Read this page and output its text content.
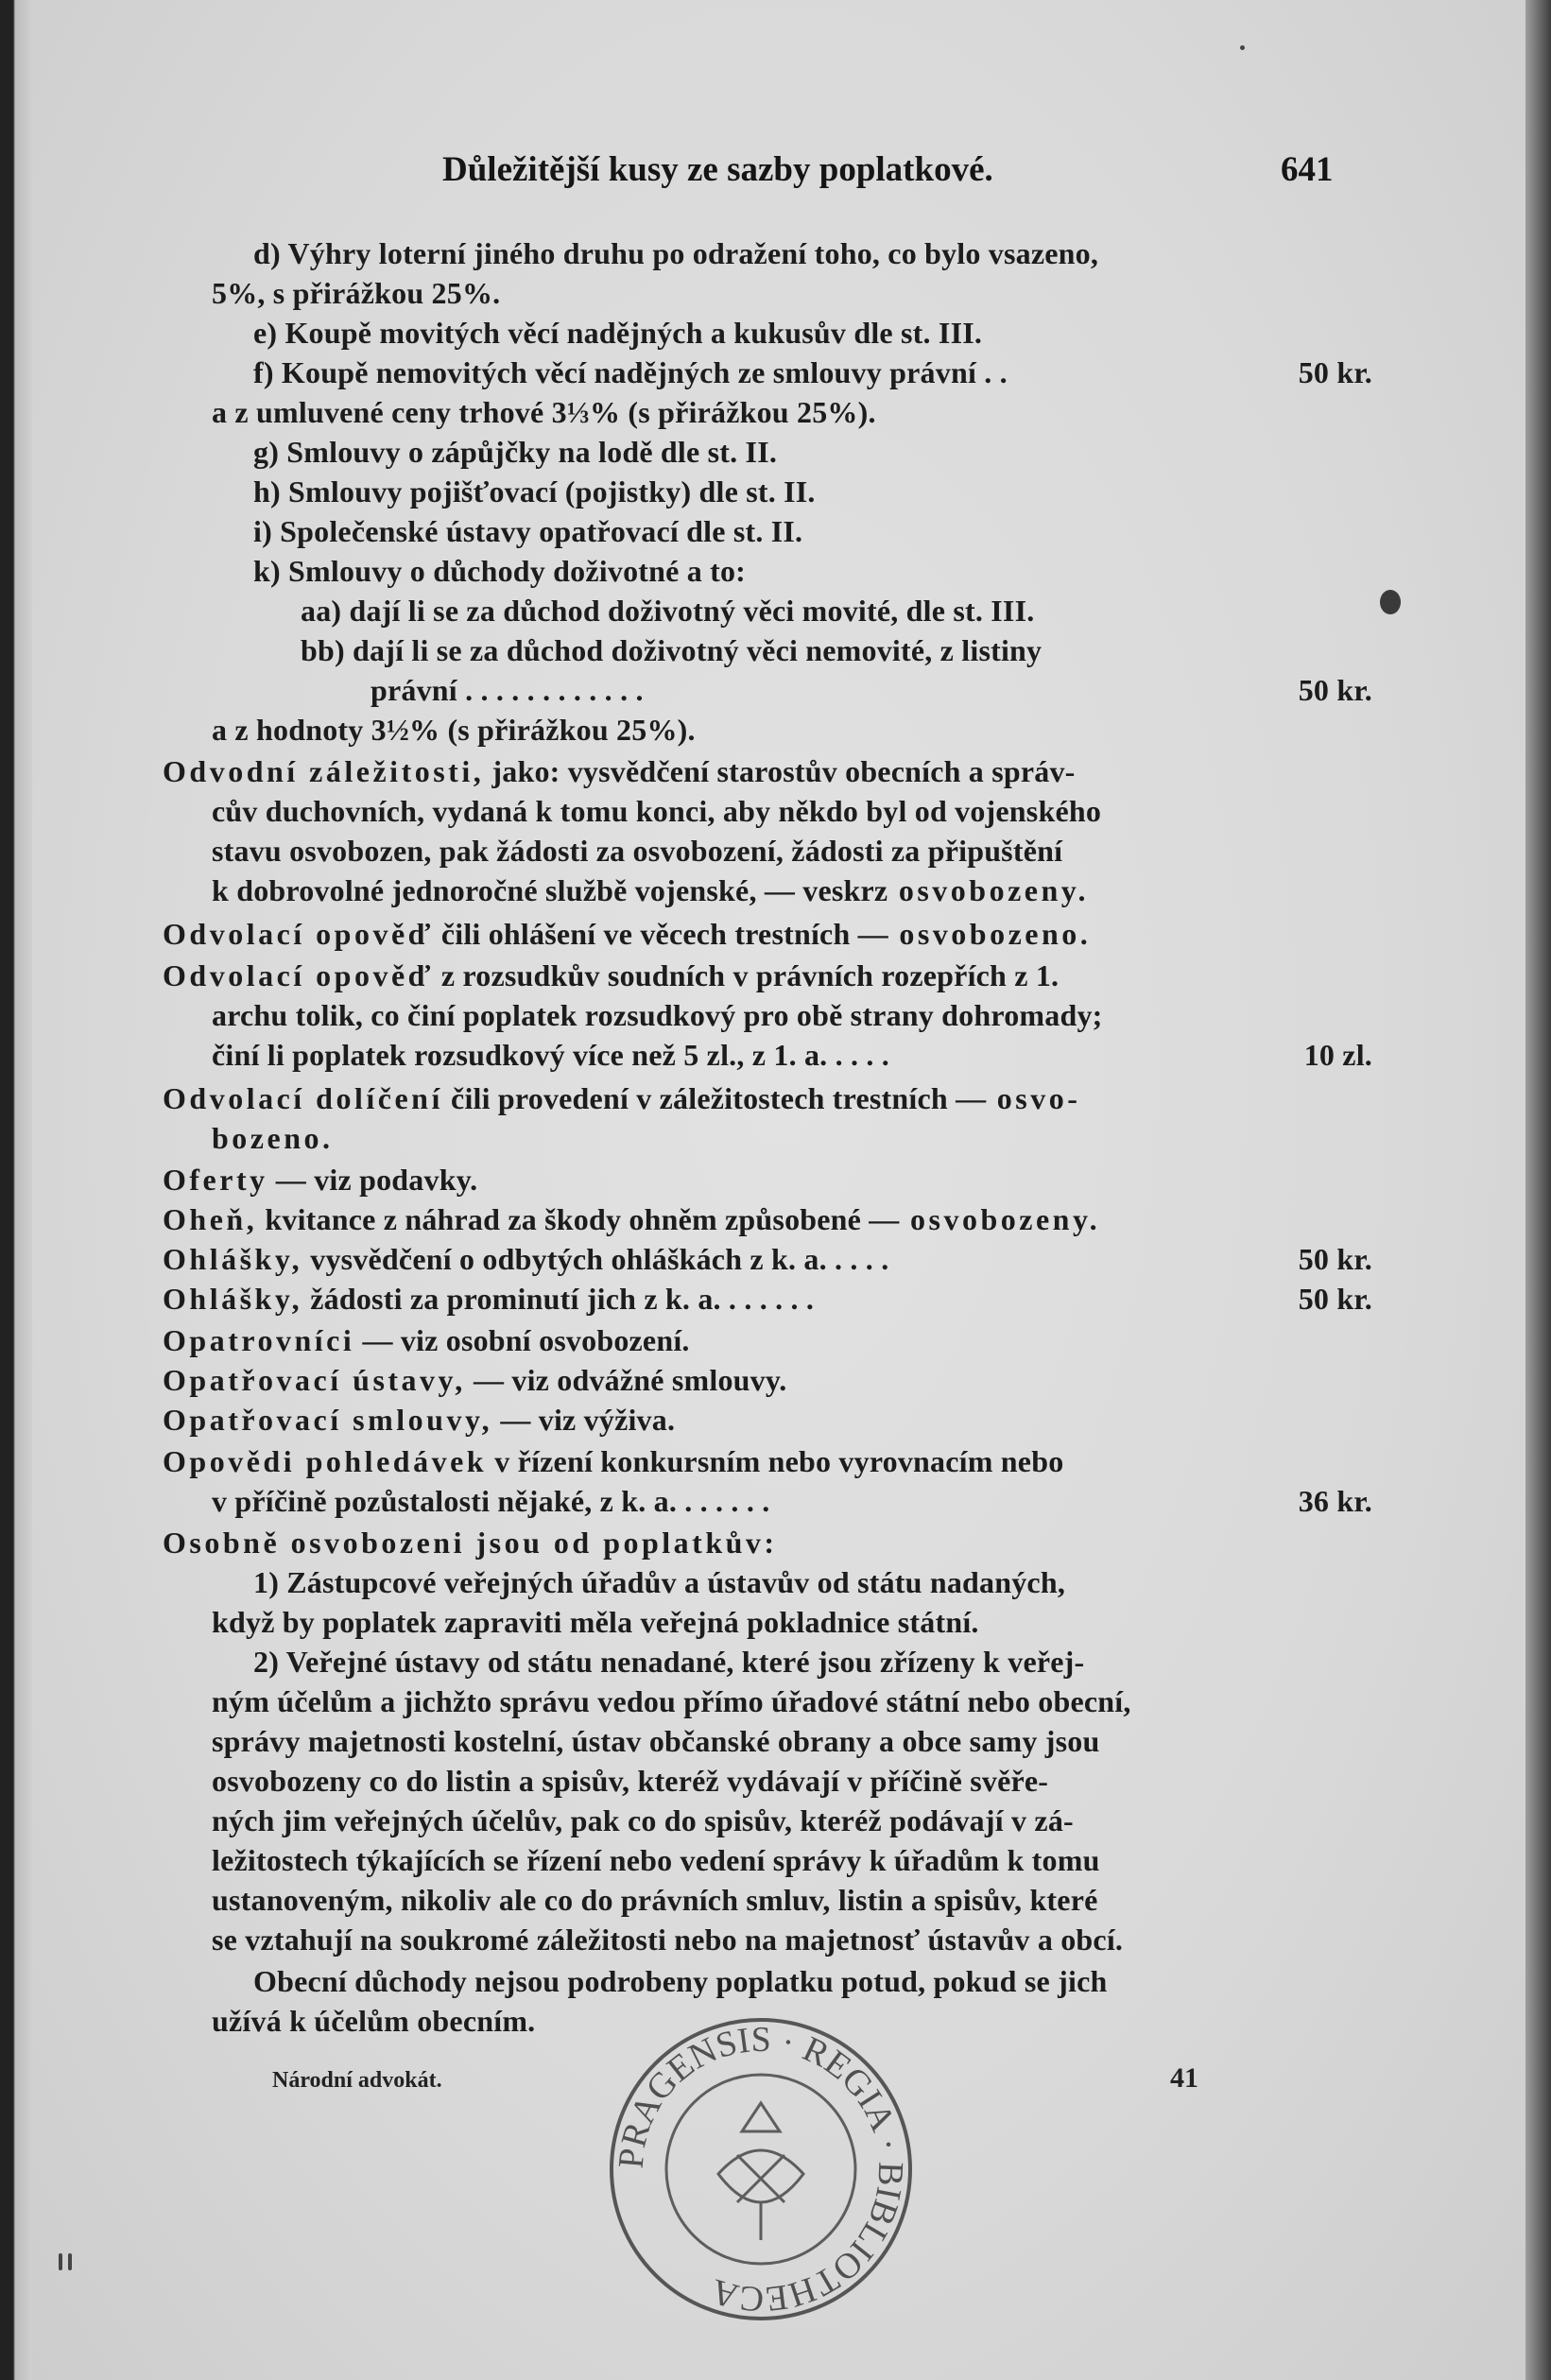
Důležitější kusy ze sazby poplatkové.	641
d) Výhry loterní jiného druhu po odražení toho, co bylo vsazeno,
5%, s přirážkou 25%.
e) Koupě movitých věcí nadějných a kukusův dle st. III.
f) Koupě nemovitých věcí nadějných ze smlouvy právní . .	50 kr.
a z umluvené ceny trhové 3⅓% (s přirážkou 25%).
g) Smlouvy o zápůjčky na lodě dle st. II.
h) Smlouvy pojišťovací (pojistky) dle st. II.
i) Společenské ústavy opatřovací dle st. II.
k) Smlouvy o důchody doživotné a to:
aa) dají li se za důchod doživotný věci movité, dle st. III.
bb) dají li se za důchod doživotný věci nemovité, z listiny
právní . . . . . . . . . . . .	50 kr.
a z hodnoty 3½% (s přirážkou 25%).
Odvodní záležitosti, jako: vysvědčení starostův obecních a správ-
cův duchovních, vydaná k tomu konci, aby někdo byl od vojenského
stavu osvobozen, pak žádosti za osvobození, žádosti za připuštění
k dobrovolné jednoročné službě vojenské, — veskrz osvobozeny.
Odvolací opověď čili ohlášení ve věcech trestních — osvobozeno.
Odvolací opověď z rozsudkův soudních v právních rozepřích z 1.
archu tolik, co činí poplatek rozsudkový pro obě strany dohromady;
činí li poplatek rozsudkový více než 5 zl., z 1. a. . . . .	10 zl.
Odvolací dolíčení čili provedení v záležitostech trestních — osvo-
bozeno.
Oferty — viz podavky.
Oheň, kvitance z náhrad za škody ohněm způsobené — osvobozeny.
Ohlášky, vysvědčení o odbytých ohláškách z k. a. . . . .	50 kr.
Ohlášky, žádosti za prominutí jich z k. a. . . . . . .	50 kr.
Opatrovníci — viz osobní osvobození.
Opatřovací ústavy, — viz odvážné smlouvy.
Opatřovací smlouvy, — viz výživa.
Opovědi pohledávek v řízení konkursním nebo vyrovnacím nebo
v příčině pozůstalosti nějaké, z k. a. . . . . . .	36 kr.
Osobně osvobozeni jsou od poplatkův:
1) Zástupcové veřejných úřadův a ústavův od státu nadaných,
když by poplatek zapraviti měla veřejná pokladnice státní.
2) Veřejné ústavy od státu nenadané, které jsou zřízeny k veřej-
ným účelům a jichžto správu vedou přímo úřadové státní nebo obecní,
správy majetnosti kostelní, ústav občanské obrany a obce samy jsou
osvobozeny co do listin a spisův, kteréž vydávají v příčině svěře-
ných jim veřejných účelův, pak co do spisův, kteréž podávají v zá-
ležitostech týkajících se řízení nebo vedení správy k úřadům k tomu
ustanoveným, nikoliv ale co do právních smluv, listin a spisův, které
se vztahují na soukromé záležitosti nebo na majetnosť ústavův a obcí.
Obecní důchody nejsou podrobeny poplatku potud, pokud se jich
užívá k účelům obecním.
Národní advokát.	41
PRAGENSIS · REGIA · BIBLIOTHECA
